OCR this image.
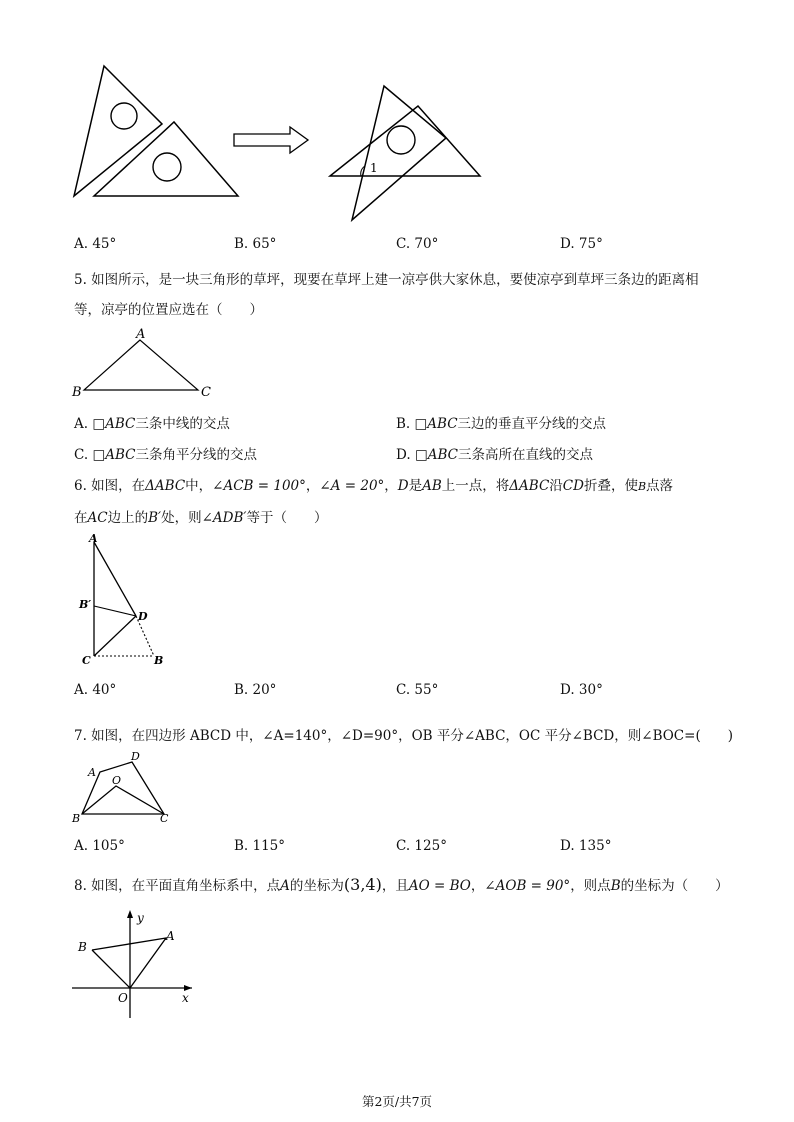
1
A. 45°	B. 65°	C. 70°	D. 75°
5. 如图所示，是一块三角形的草坪，现要在草坪上建一凉亭供大家休息，要使凉亭到草坪三条边的距离相
等，凉亭的位置应选在（　　）
A
B	C
A. □ABC三条中线的交点	B. □ABC三边的垂直平分线的交点
C. □ABC三条角平分线的交点	D. □ABC三条高所在直线的交点
6. 如图，在ΔABC中，∠ACB = 100°，∠A = 20°，D是AB上一点，将ΔABC沿CD折叠，使B点落
在AC边上的B′处，则∠ADB′等于（　　）
A
B′
D
C	B
A. 40°	B. 20°	C. 55°	D. 30°
7. 如图，在四边形 ABCD 中，∠A=140°，∠D=90°，OB 平分∠ABC，OC 平分∠BCD，则∠BOC=(　　)
A
D
O
B	C
A. 105°	B. 115°	C. 125°	D. 135°
8. 如图，在平面直角坐标系中，点A的坐标为(3,4)，且AO = BO，∠AOB = 90°，则点B的坐标为（　　）
y
A
B
O	x
第2页/共7页
